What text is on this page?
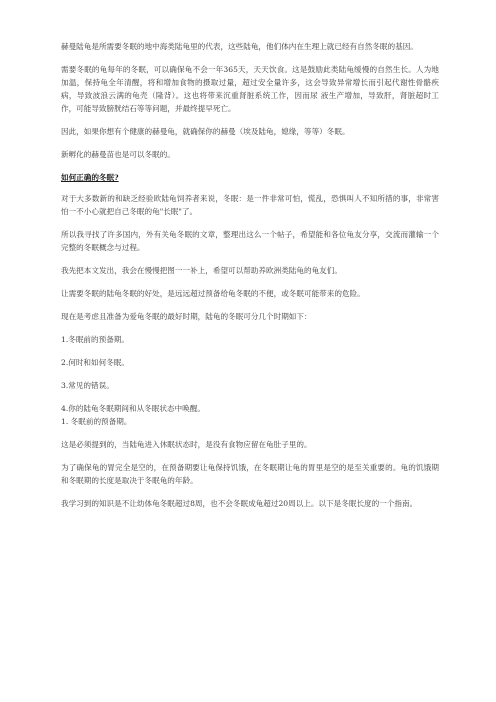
赫曼陆龟是所需要冬眠的地中海类陆龟里的代表，这些陆龟，他们体内在生理上就已经有自然冬眠的基因。

需要冬眠的龟每年的冬眠，可以确保龟不会一年365天，天天饮食。这是鼓励此类陆龟缓慢的自然生长。人为地加温，保持龟全年清醒，将和增加食物的摄取过量，超过安全量许多，这会导致异常增长而引起代谢性骨骼疾病，导致波浪云满的龟壳（隆背）。这也将带来沉重肾脏系统工作，因而尿 液生产增加，导致肝，肾脏超时工作，可能导致膀胱结石等等问题，并最终提早死亡。

因此，如果你想有个健康的赫曼龟，就确保你的赫曼（埃及陆龟，媳缘，等等）冬眠。

新孵化的赫曼苗也是可以冬眠的。

如何正确的冬眠?

对于大多数新的和缺乏经验欧陆龟饲养者来说，冬眠：是一件非常可怕，慌乱，恐惧叫人不知所措的事，非常害怕一不小心就把自己冬眠的龟"长眠"了。

所以我寻找了许多国内，外有关龟冬眠的文章，整理出这么一个帖子，希望能和各位龟友分享，交流而灌输一个完整的冬眠概念与过程。

我先把本文发出，我会在慢慢把图一一补上，希望可以帮助养欧洲类陆龟的龟友们。

让需要冬眠的陆龟冬眠的好处，是远远超过预备给龟冬眠的不便，或冬眠可能带来的危险。

现在是考虑且准备为爱龟冬眠的最好时期，陆龟的冬眠可分几个时期如下：

1.冬眠前的预备期。

2.何时和如何冬眠。

3.常见的错误。

4.你的陆龟冬眠期间和从冬眠状态中唤醒。

1. 冬眠前的预备期。

这是必须提到的，当陆龟进入休眠状态时，是没有食物应留在龟肚子里的。

为了确保龟的胃完全是空的，在预备期要让龟保持饥饿，在冬眠期让龟的胃里是空的是至关重要的。龟的饥饿期和冬眠期的长度是取决于冬眠龟的年龄。

我学习到的知识是不让幼体龟冬眠超过8周，也不会冬眠成龟超过20周以上。以下是冬眠长度的一个指南。
